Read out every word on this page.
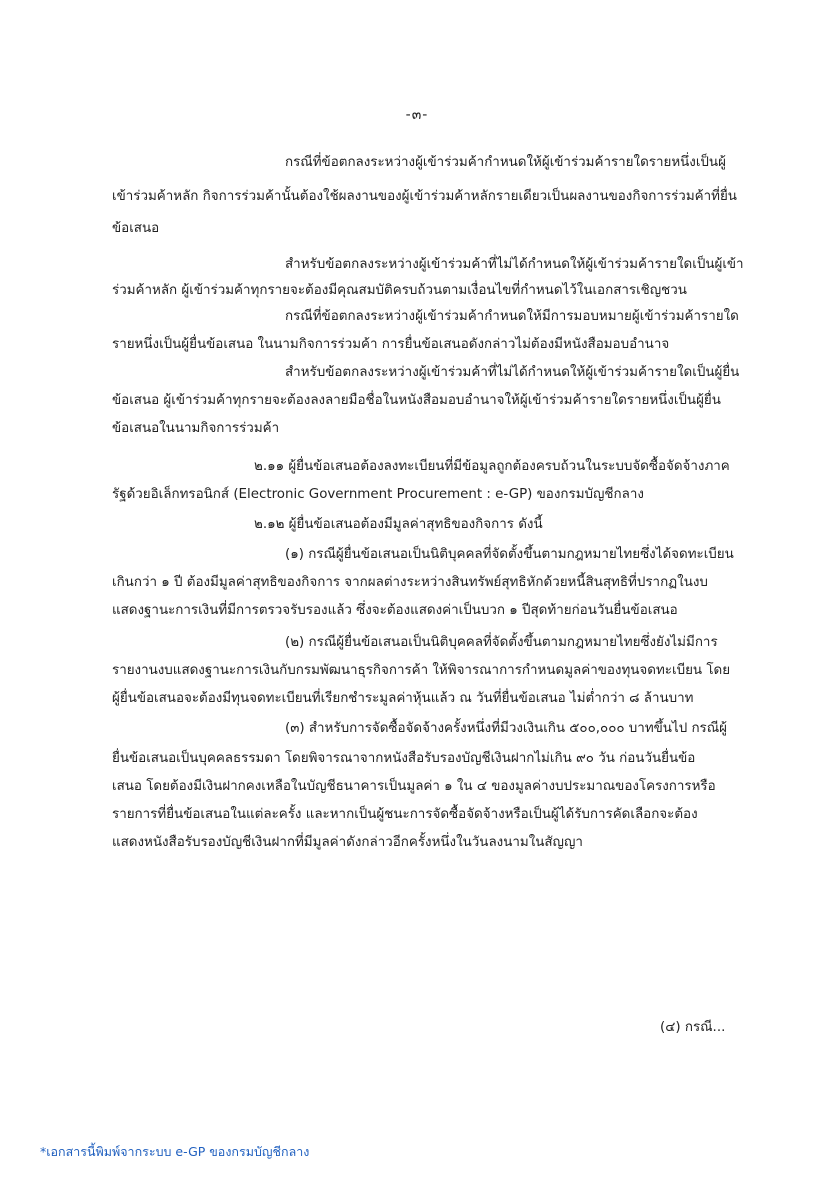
-๓-
กรณีที่ข้อตกลงระหว่างผู้เข้าร่วมค้ากำหนดให้ผู้เข้าร่วมค้ารายใดรายหนึ่งเป็นผู้
เข้าร่วมค้าหลัก กิจการร่วมค้านั้นต้องใช้ผลงานของผู้เข้าร่วมค้าหลักรายเดียวเป็นผลงานของกิจการร่วมค้าที่ยื่น
ข้อเสนอ
สำหรับข้อตกลงระหว่างผู้เข้าร่วมค้าที่ไม่ได้กำหนดให้ผู้เข้าร่วมค้ารายใดเป็นผู้เข้า
ร่วมค้าหลัก ผู้เข้าร่วมค้าทุกรายจะต้องมีคุณสมบัติครบถ้วนตามเงื่อนไขที่กำหนดไว้ในเอกสารเชิญชวน
กรณีที่ข้อตกลงระหว่างผู้เข้าร่วมค้ากำหนดให้มีการมอบหมายผู้เข้าร่วมค้ารายใด
รายหนึ่งเป็นผู้ยื่นข้อเสนอ ในนามกิจการร่วมค้า การยื่นข้อเสนอดังกล่าวไม่ต้องมีหนังสือมอบอำนาจ
สำหรับข้อตกลงระหว่างผู้เข้าร่วมค้าที่ไม่ได้กำหนดให้ผู้เข้าร่วมค้ารายใดเป็นผู้ยื่น
ข้อเสนอ ผู้เข้าร่วมค้าทุกรายจะต้องลงลายมือชื่อในหนังสือมอบอำนาจให้ผู้เข้าร่วมค้ารายใดรายหนึ่งเป็นผู้ยื่น
ข้อเสนอในนามกิจการร่วมค้า
๒.๑๑ ผู้ยื่นข้อเสนอต้องลงทะเบียนที่มีข้อมูลถูกต้องครบถ้วนในระบบจัดซื้อจัดจ้างภาค
รัฐด้วยอิเล็กทรอนิกส์ (Electronic Government Procurement : e-GP) ของกรมบัญชีกลาง
๒.๑๒ ผู้ยื่นข้อเสนอต้องมีมูลค่าสุทธิของกิจการ ดังนี้
(๑) กรณีผู้ยื่นข้อเสนอเป็นนิติบุคคลที่จัดตั้งขึ้นตามกฎหมายไทยซึ่งได้จดทะเบียน
เกินกว่า ๑ ปี ต้องมีมูลค่าสุทธิของกิจการ จากผลต่างระหว่างสินทรัพย์สุทธิหักด้วยหนี้สินสุทธิที่ปรากฏในงบ
แสดงฐานะการเงินที่มีการตรวจรับรองแล้ว ซึ่งจะต้องแสดงค่าเป็นบวก ๑ ปีสุดท้ายก่อนวันยื่นข้อเสนอ
(๒) กรณีผู้ยื่นข้อเสนอเป็นนิติบุคคลที่จัดตั้งขึ้นตามกฎหมายไทยซึ่งยังไม่มีการ
รายงานงบแสดงฐานะการเงินกับกรมพัฒนาธุรกิจการค้า ให้พิจารณาการกำหนดมูลค่าของทุนจดทะเบียน โดย
ผู้ยื่นข้อเสนอจะต้องมีทุนจดทะเบียนที่เรียกชำระมูลค่าหุ้นแล้ว ณ วันที่ยื่นข้อเสนอ ไม่ต่ำกว่า ๘ ล้านบาท
(๓) สำหรับการจัดซื้อจัดจ้างครั้งหนึ่งที่มีวงเงินเกิน ๕๐๐,๐๐๐ บาทขึ้นไป กรณีผู้
ยื่นข้อเสนอเป็นบุคคลธรรมดา โดยพิจารณาจากหนังสือรับรองบัญชีเงินฝากไม่เกิน ๙๐ วัน ก่อนวันยื่นข้อ
เสนอ โดยต้องมีเงินฝากคงเหลือในบัญชีธนาคารเป็นมูลค่า ๑ ใน ๔ ของมูลค่างบประมาณของโครงการหรือ
รายการที่ยื่นข้อเสนอในแต่ละครั้ง และหากเป็นผู้ชนะการจัดซื้อจัดจ้างหรือเป็นผู้ได้รับการคัดเลือกจะต้อง
แสดงหนังสือรับรองบัญชีเงินฝากที่มีมูลค่าดังกล่าวอีกครั้งหนึ่งในวันลงนามในสัญญา
(๔) กรณี...
*เอกสารนี้พิมพ์จากระบบ e-GP ของกรมบัญชีกลาง
